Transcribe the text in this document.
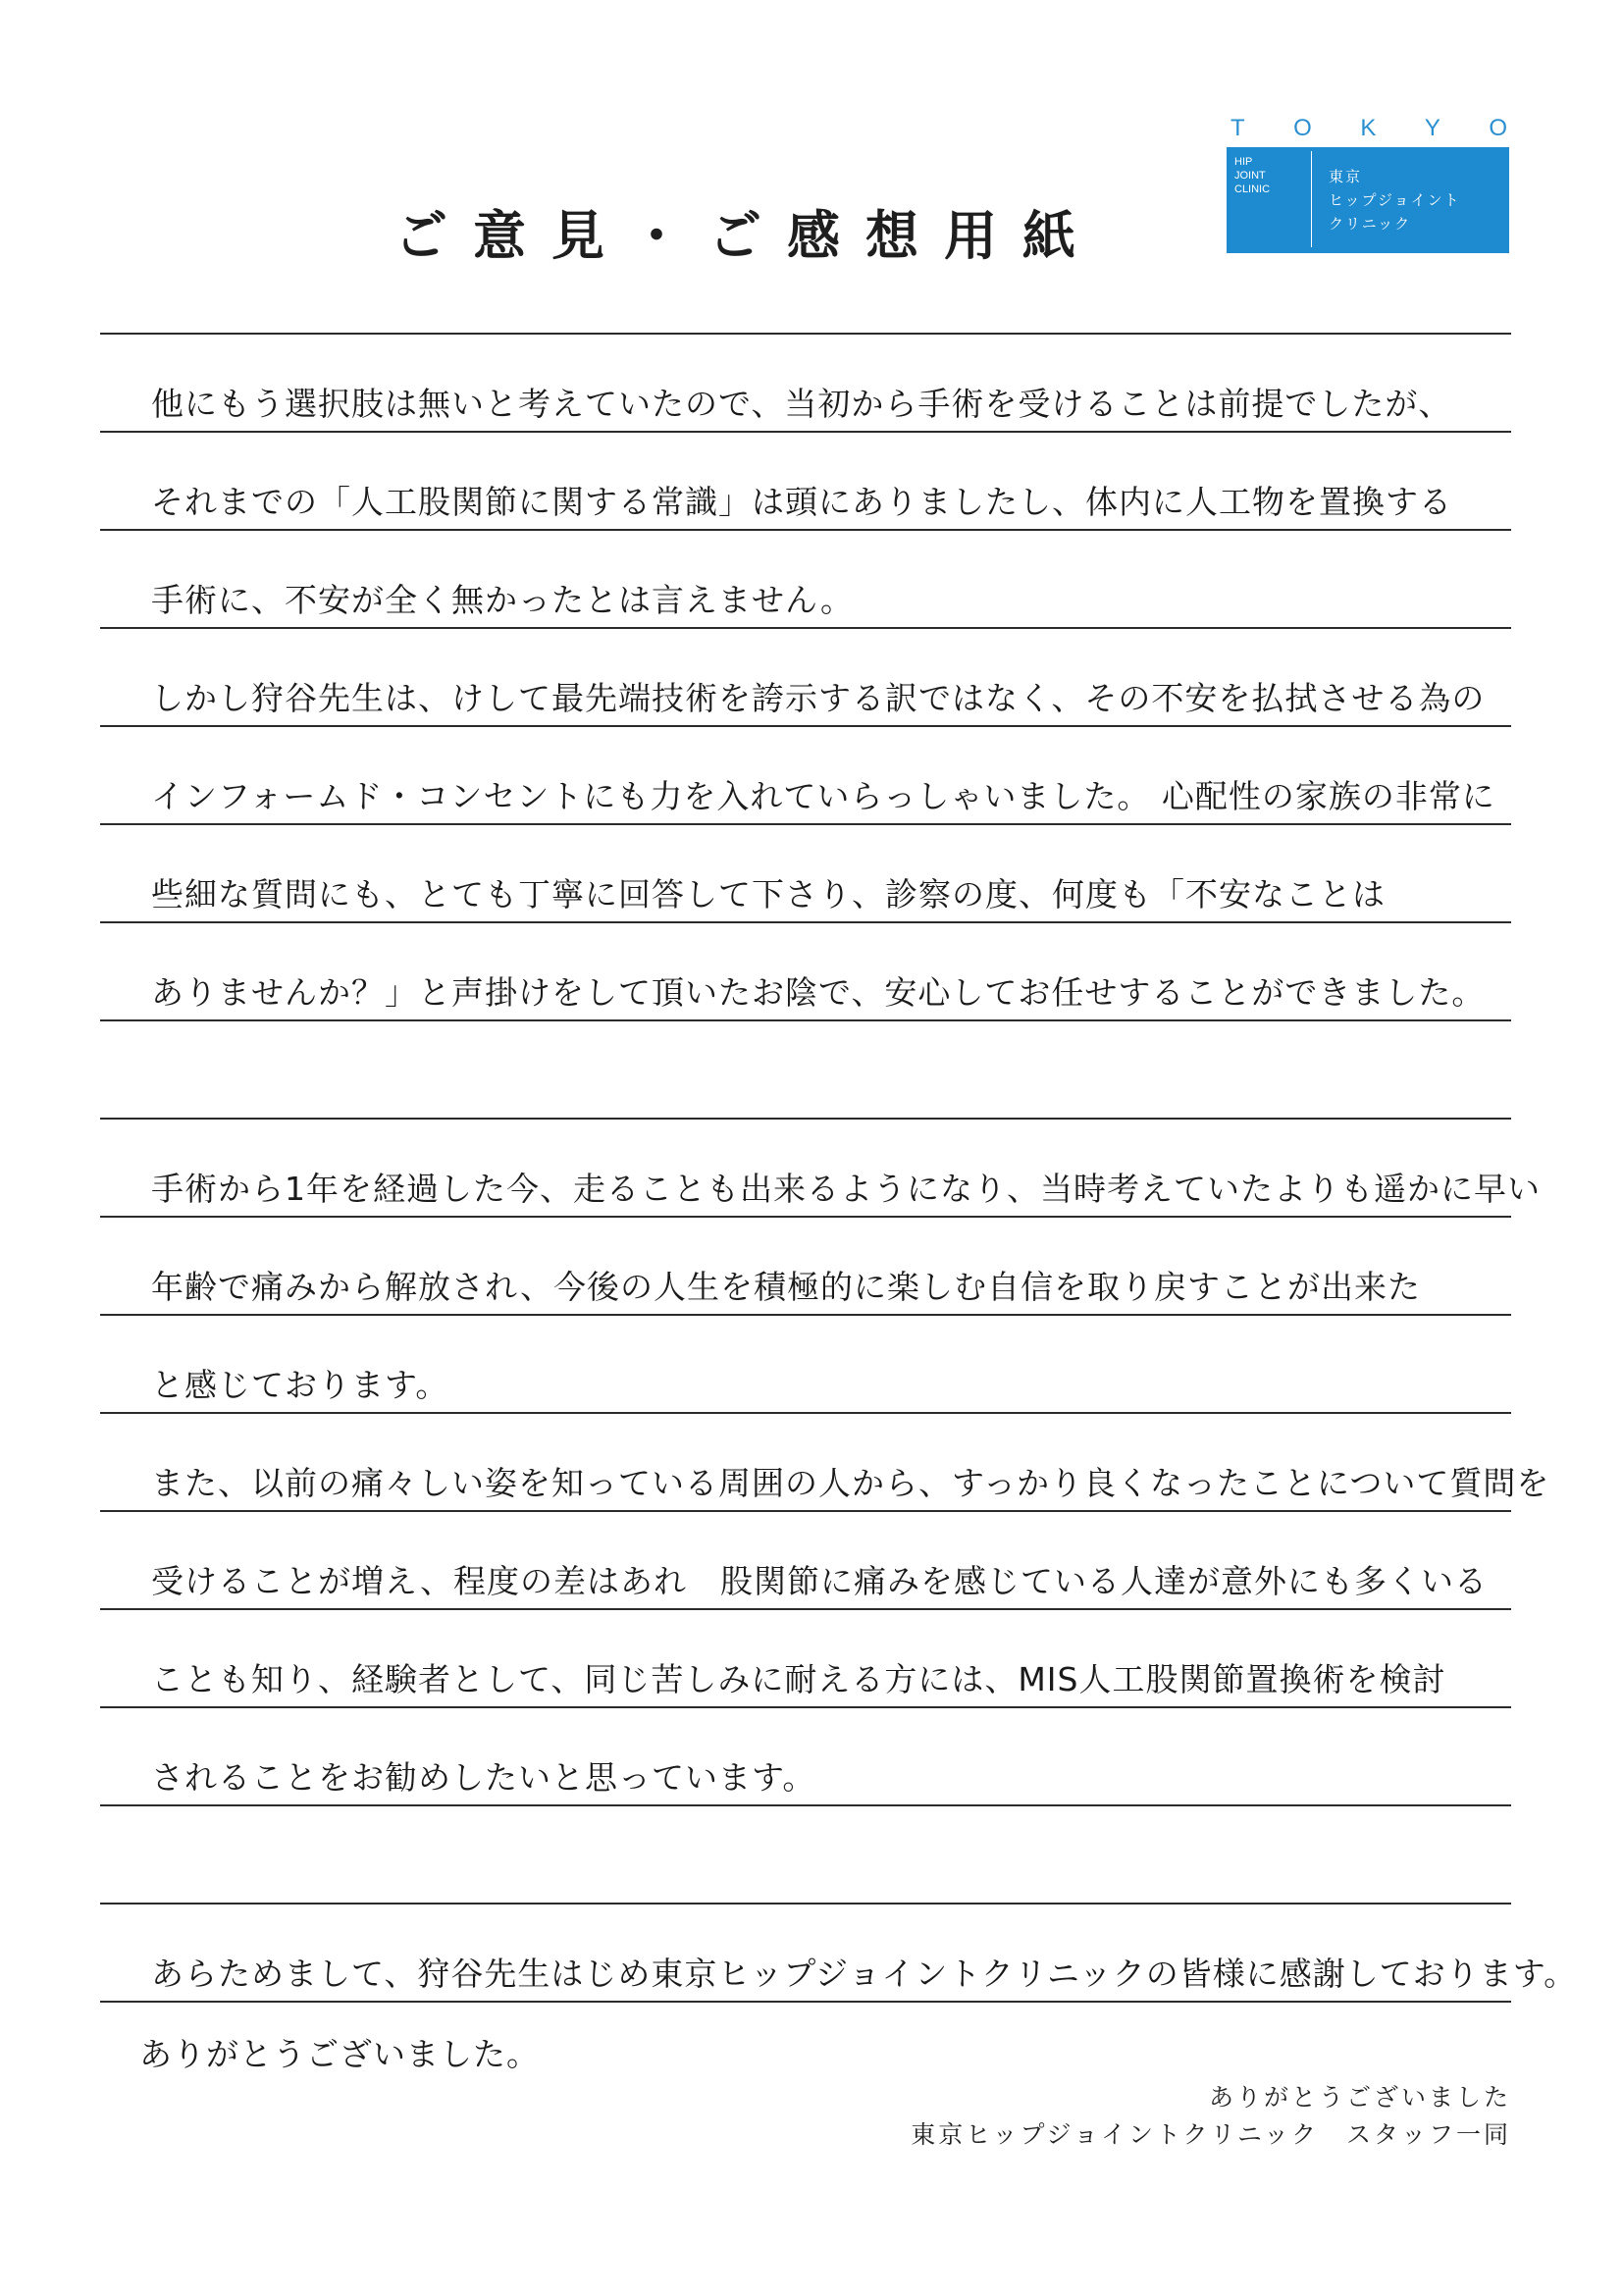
ご意見・ご感想用紙
T O K Y O
HIP
JOINT
CLINIC
東京
ヒップジョイント
クリニック
他にもう選択肢は無いと考えていたので、当初から手術を受けることは前提でしたが、
それまでの「人工股関節に関する常識」は頭にありましたし、体内に人工物を置換する
手術に、不安が全く無かったとは言えません。
しかし狩谷先生は、けして最先端技術を誇示する訳ではなく、その不安を払拭させる為の
インフォームド・コンセントにも力を入れていらっしゃいました。 心配性の家族の非常に
些細な質問にも、とても丁寧に回答して下さり、診察の度、何度も「不安なことは
ありませんか？」と声掛けをして頂いたお陰で、安心してお任せすることができました。
手術から1年を経過した今、走ることも出来るようになり、当時考えていたよりも遥かに早い
年齢で痛みから解放され、今後の人生を積極的に楽しむ自信を取り戻すことが出来た
と感じております。
また、以前の痛々しい姿を知っている周囲の人から、すっかり良くなったことについて質問を
受けることが増え、程度の差はあれ　股関節に痛みを感じている人達が意外にも多くいる
ことも知り、経験者として、同じ苦しみに耐える方には、MIS人工股関節置換術を検討
されることをお勧めしたいと思っています。
あらためまして、狩谷先生はじめ東京ヒップジョイントクリニックの皆様に感謝しております。
ありがとうございました。
ありがとうございました
東京ヒップジョイントクリニック　スタッフ一同
